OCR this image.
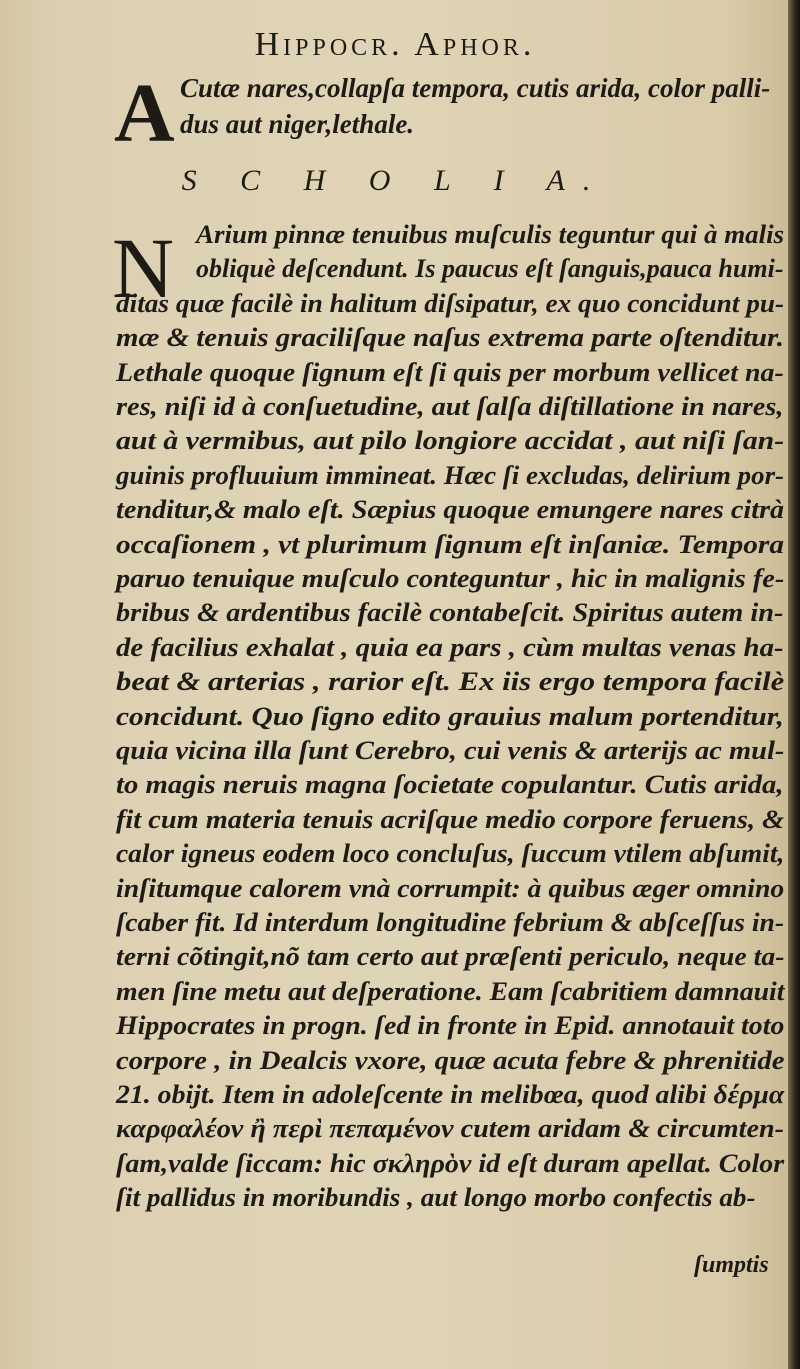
Hippocr. Aphor.
A Cutæ nares,collapſa tempora, cutis arida, color palli-
dus aut niger,lethale.
S C H O L I A.
N Arium pinnæ tenuibus muſculis teguntur qui à malis
obliquè deſcendunt. Is paucus eſt ſanguis,pauca humi-
ditas quæ facilè in halitum diſsipatur, ex quo concidunt pu-
mæ & tenuis graciliſque naſus extrema parte oſtenditur.
Lethale quoque ſignum eſt ſi quis per morbum vellicet na-
res, niſi id à conſuetudine, aut ſalſa diſtillatione in nares,
aut à vermibus, aut pilo longiore accidat , aut niſi ſan-
guinis profluuium immineat. Hæc ſi excludas, delirium por-
tenditur,& malo eſt. Sæpius quoque emungere nares citrà
occaſionem , vt plurimum ſignum eſt inſaniæ. Tempora
paruo tenuique muſculo conteguntur , hic in malignis fe-
bribus & ardentibus facilè contabeſcit. Spiritus autem in-
de facilius exhalat , quia ea pars , cùm multas venas ha-
beat & arterias , rarior eſt. Ex iis ergo tempora facilè
concidunt. Quo ſigno edito grauius malum portenditur,
quia vicina illa ſunt Cerebro, cui venis & arterijs ac mul-
to magis neruis magna ſocietate copulantur. Cutis arida,
fit cum materia tenuis acriſque medio corpore feruens, &
calor igneus eodem loco concluſus, ſuccum vtilem abſumit,
inſitumque calorem vnà corrumpit: à quibus æger omnino
ſcaber fit. Id interdum longitudine febrium & abſceſſus in-
terni cõtingit,nõ tam certo aut præſenti periculo, neque ta-
men ſine metu aut deſperatione. Eam ſcabritiem damnauit
Hippocrates in progn. ſed in fronte in Epid. annotauit toto
corpore , in Dealcis vxore, quæ acuta febre & phrenitide
21. obijt. Item in adoleſcente in melibœa, quod alibi δέρμα
καρφαλέον ἢ περὶ πεπαμένον cutem aridam & circumten-
ſam,valde ſiccam: hic σκληρὸν id eſt duram apellat. Color
ſit pallidus in moribundis , aut longo morbo confectis ab-
ſumptis
